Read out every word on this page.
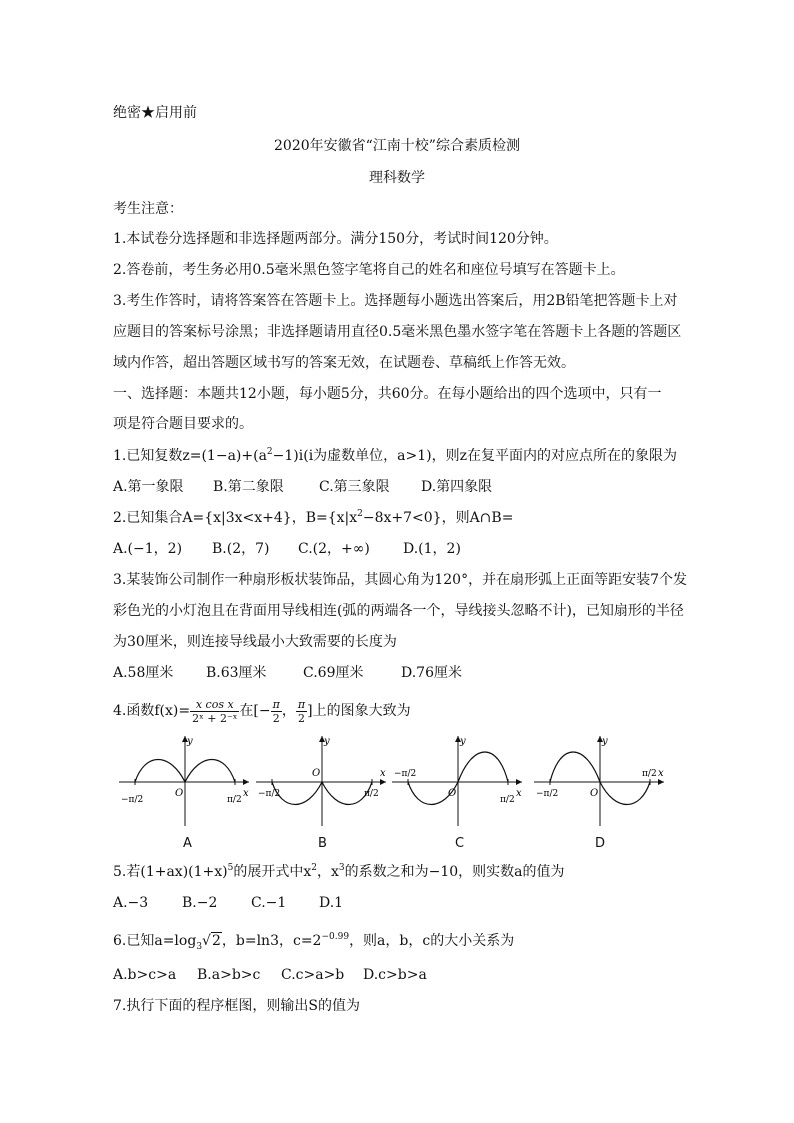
绝密★启用前
2020年安徽省“江南十校”综合素质检测
理科数学
考生注意：
1.本试卷分选择题和非选择题两部分。满分150分，考试时间120分钟。
2.答卷前，考生务必用0.5毫米黑色签字笔将自己的姓名和座位号填写在答题卡上。
3.考生作答时，请将答案答在答题卡上。选择题每小题选出答案后，用2B铅笔把答题卡上对
应题目的答案标号涂黑；非选择题请用直径0.5毫米黑色墨水签字笔在答题卡上各题的答题区
域内作答，超出答题区域书写的答案无效，在试题卷、草稿纸上作答无效。
一、选择题：本题共12小题，每小题5分，共60分。在每小题给出的四个选项中，只有一
项是符合题目要求的。
1.已知复数$z=(1-a)+(a^2-1)i(i$为虚数单位，a>1)，则z在复平面内的对应点所在的象限为
A.第一象限 B.第二象限	C.第三象限 D.第四象限
2.已知集合A={x|3x<x+4}，$B=\{x|x^2-8x+7<0\}$，则A∩B=
A.(−1，2) B.(2，7) C.(2，+∞) D.(1，2)
3.某装饰公司制作一种扇形板状装饰品，其圆心角为120°，并在扇形弧上正面等距安装7个发
彩色光的小灯泡且在背面用导线相连(弧的两端各一个，导线接头忽略不计)，已知扇形的半径
为30厘米，则连接导线最小大致需要的长度为
A.58厘米 B.63厘米	C.69厘米	D.76厘米
4.函数$f(x)= \frac{\text{x cos x}}{\text{2ˣ + 2⁻ˣ}}$ 在[− $\frac{\pi}{2}$ ， $\frac{\pi}{2}$ ]上的图象大致为
y
x
O
−π/2	π/2
y
x
O
−π/2	π/2
y
x
O
−π/2
π/2
y
x
O
−π/2
π/2
A	B	C	D
5.若$(1+ax)(1+x)^5$的展开式中$x^2$，$x^3$的系数之和为−10，则实数a的值为
A.−3 B.−2 C.−1 D.1
6.已知$a=\log_3√2$，b=ln3，$c=2^{-0.99}$，则a，b，c的大小关系为
A.b>c>a B.a>b>c C.c>a>b D.c>b>a
7.执行下面的程序框图，则输出S的值为
